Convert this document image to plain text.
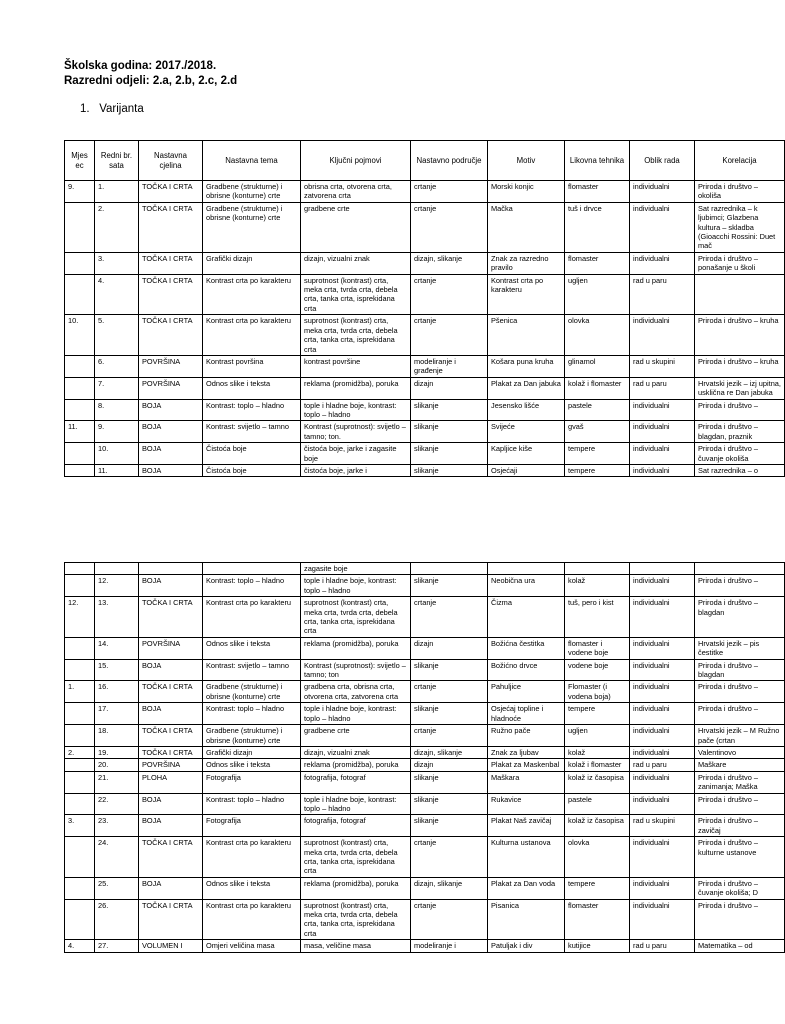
Školska godina: 2017./2018.
Razredni odjeli: 2.a, 2.b, 2.c, 2.d
1. Varijanta
Mjes ec	Redni br. sata	Nastavna cjelina	Nastavna tema	Ključni pojmovi	Nastavno područje	Motiv	Likovna tehnika	Oblik rada	Korelacija
9.	1.	TOČKA I CRTA	Gradbene (strukturne) i obrisne (konturne) crte	obrisna crta, otvorena crta, zatvorena crta	crtanje	Morski konjic	flomaster	individualni	Priroda i društvo – okoliša
	2.	TOČKA I CRTA	Gradbene (strukturne) i obrisne (konturne) crte	gradbene crte	crtanje	Mačka	tuš i drvce	individualni	Sat razrednika – k ljubimci; Glazbena kultura – skladba (Gioacchi Rossini: Duet mač
	3.	TOČKA I CRTA	Grafički dizajn	dizajn, vizualni znak	dizajn, slikanje	Znak za razredno pravilo	flomaster	individualni	Priroda i društvo – ponašanje u školi
	4.	TOČKA I CRTA	Kontrast crta po karakteru	suprotnost (kontrast) crta, meka crta, tvrda crta, debela crta, tanka crta, isprekidana crta	crtanje	Kontrast crta po karakteru	ugljen	rad u paru	
10.	5.	TOČKA I CRTA	Kontrast crta po karakteru	suprotnost (kontrast) crta, meka crta, tvrda crta, debela crta, tanka crta, isprekidana crta	crtanje	Pšenica	olovka	individualni	Priroda i društvo – kruha
	6.	POVRŠINA	Kontrast površina	kontrast površine	modeliranje i građenje	Košara puna kruha	glinamol	rad u skupini	Priroda i društvo – kruha
	7.	POVRŠINA	Odnos slike i teksta	reklama (promidžba), poruka	dizajn	Plakat za Dan jabuka	kolaž i flomaster	rad u paru	Hrvatski jezik – izj upitna, usklična re Dan jabuka
	8.	BOJA	Kontrast: toplo – hladno	tople i hladne boje, kontrast: toplo – hladno	slikanje	Jesensko lišće	pastele	individualni	Priroda i društvo –
11.	9.	BOJA	Kontrast: svijetlo – tamno	Kontrast (suprotnost): svijetlo – tamno; ton.	slikanje	Svijeće	gvaš	individualni	Priroda i društvo – blagdan, praznik
	10.	BOJA	Čistoća boje	čistoća boje, jarke i zagasite boje	slikanje	Kapljice kiše	tempere	individualni	Priroda i društvo – čuvanje okoliša
	11.	BOJA	Čistoća boje	čistoća boje, jarke i	slikanje	Osjećaji	tempere	individualni	Sat razrednika – o
				zagasite boje					
	12.	BOJA	Kontrast: toplo – hladno	tople i hladne boje, kontrast: toplo – hladno	slikanje	Neobična ura	kolaž	individualni	Priroda i društvo –
12.	13.	TOČKA I CRTA	Kontrast crta po karakteru	suprotnost (kontrast) crta, meka crta, tvrda crta, debela crta, tanka crta, isprekidana crta	crtanje	Čizma	tuš, pero i kist	individualni	Priroda i društvo – blagdan
	14.	POVRŠINA	Odnos slike i teksta	reklama (promidžba), poruka	dizajn	Božićna čestitka	flomaster i vodene boje	individualni	Hrvatski jezik – pis čestitke
	15.	BOJA	Kontrast: svijetlo – tamno	Kontrast (suprotnost): svijetlo – tamno; ton	slikanje	Božićno drvce	vodene boje	individualni	Priroda i društvo – blagdan
1.	16.	TOČKA I CRTA	Gradbene (strukturne) i obrisne (konturne) crte	gradbena crta, obrisna crta, otvorena crta, zatvorena crta	crtanje	Pahuljice	Flomaster (i vodena boja)	individualni	Priroda i društvo –
	17.	BOJA	Kontrast: toplo – hladno	tople i hladne boje, kontrast: toplo – hladno	slikanje	Osjećaj topline i hladnoće	tempere	individualni	Priroda i društvo –
	18.	TOČKA I CRTA	Gradbene (strukturne) i obrisne (konturne) crte	gradbene crte	crtanje	Ružno pače	ugljen	individualni	Hrvatski jezik – M Ružno pače (crtan
2.	19.	TOČKA I CRTA	Grafički dizajn	dizajn, vizualni znak	dizajn, slikanje	Znak za ljubav	kolaž	individualni	Valentinovo
	20.	POVRŠINA	Odnos slike i teksta	reklama (promidžba), poruka	dizajn	Plakat za Maskenbal	kolaž i flomaster	rad u paru	Maškare
	21.	PLOHA	Fotografija	fotografija, fotograf	slikanje	Maškara	kolaž iz časopisa	individualni	Priroda i društvo – zanimanja; Maška
	22.	BOJA	Kontrast: toplo – hladno	tople i hladne boje, kontrast: toplo – hladno	slikanje	Rukavice	pastele	individualni	Priroda i društvo –
3.	23.	BOJA	Fotografija	fotografija, fotograf	slikanje	Plakat Naš zavičaj	kolaž iz časopisa	rad u skupini	Priroda i društvo – zavičaj
	24.	TOČKA I CRTA	Kontrast crta po karakteru	suprotnost (kontrast) crta, meka crta, tvrda crta, debela crta, tanka crta, isprekidana crta	crtanje	Kulturna ustanova	olovka	individualni	Priroda i društvo – kulturne ustanove
	25.	BOJA	Odnos slike i teksta	reklama (promidžba), poruka	dizajn, slikanje	Plakat za Dan voda	tempere	individualni	Priroda i društvo – čuvanje okoliša; D
	26.	TOČKA I CRTA	Kontrast crta po karakteru	suprotnost (kontrast) crta, meka crta, tvrda crta, debela crta, tanka crta, isprekidana crta	crtanje	Pisanica	flomaster	individualni	Priroda i društvo –
4.	27.	VOLUMEN I	Omjeri veličina masa	masa, veličine masa	modeliranje i	Patuljak i div	kutijice	rad u paru	Matematika – od
